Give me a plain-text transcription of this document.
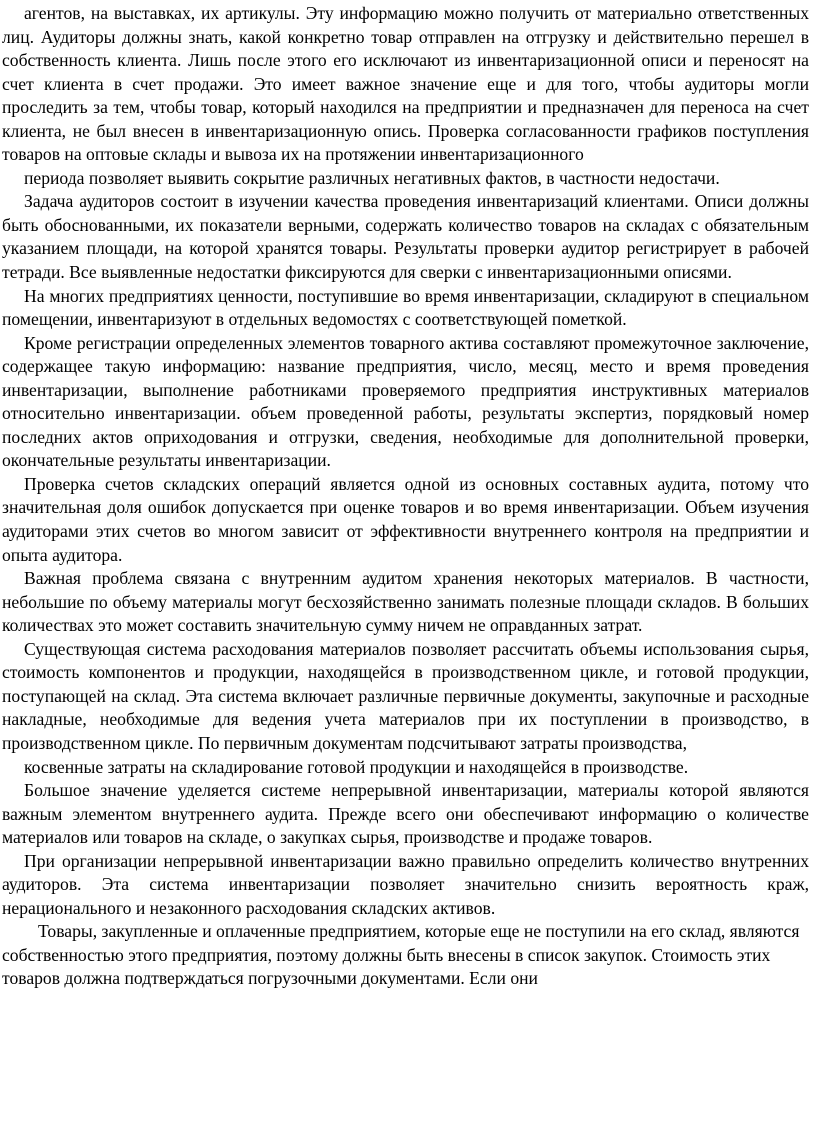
агентов, на выставках, их артикулы. Эту информацию можно получить от материально ответственных лиц. Аудиторы должны знать, какой конкретно товар отправлен на отгрузку и действительно перешел в собственность клиента. Лишь после этого его исключают из инвентаризационной описи и переносят на счет клиента в счет продажи. Это имеет важное значение еще и для того, чтобы аудиторы могли проследить за тем, чтобы товар, который находился на предприятии и предназначен для переноса на счет клиента, не был внесен в инвентаризационную опись. Проверка согласованности графиков поступления товаров на оптовые склады и вывоза их на протяжении инвентаризационного

периода позволяет выявить сокрытие различных негативных фактов, в частности недостачи.

Задача аудиторов состоит в изучении качества проведения инвентаризаций клиентами. Описи должны быть обоснованными, их показатели верными, содержать количество товаров на складах с обязательным указанием площади, на которой хранятся товары. Результаты проверки аудитор регистрирует в рабочей тетради. Все выявленные недостатки фиксируются для сверки с инвентаризационными описями.

На многих предприятиях ценности, поступившие во время инвентаризации, складируют в специальном помещении, инвентаризуют в отдельных ведомостях с соответствующей пометкой.

Кроме регистрации определенных элементов товарного актива составляют промежуточное заключение, содержащее такую информацию: название предприятия, число, месяц, место и время проведения инвентаризации, выполнение работниками проверяемого предприятия инструктивных материалов относительно инвентаризации. объем проведенной работы, результаты экспертиз, порядковый номер последних актов оприходования и отгрузки, сведения, необходимые для дополнительной проверки, окончательные результаты инвентаризации.

Проверка счетов складских операций является одной из основных составных аудита, потому что значительная доля ошибок допускается при оценке товаров и во время инвентаризации. Объем изучения аудиторами этих счетов во многом зависит от эффективности внутреннего контроля на предприятии и опыта аудитора.

Важная проблема связана с внутренним аудитом хранения некоторых материалов. В частности, небольшие по объему материалы могут бесхозяйственно занимать полезные площади складов. В больших количествах это может составить значительную сумму ничем не оправданных затрат.

Существующая система расходования материалов позволяет рассчитать объемы использования сырья, стоимость компонентов и продукции, находящейся в производственном цикле, и готовой продукции, поступающей на склад. Эта система включает различные первичные документы, закупочные и расходные накладные, необходимые для ведения учета материалов при их поступлении в производство, в производственном цикле. По первичным документам подсчитывают затраты производства,

косвенные затраты на складирование готовой продукции и находящейся в производстве.

Большое значение уделяется системе непрерывной инвентаризации, материалы которой являются важным элементом внутреннего аудита. Прежде всего они обеспечивают информацию о количестве материалов или товаров на складе, о закупках сырья, производстве и продаже товаров.

При организации непрерывной инвентаризации важно правильно определить количество внутренних аудиторов. Эта система инвентаризации позволяет значительно снизить вероятность краж, нерационального и незаконного расходования складских активов.

Товары, закупленные и оплаченные предприятием, которые еще не поступили на его склад, являются собственностью этого предприятия, поэтому должны быть внесены в список закупок. Стоимость этих товаров должна подтверждаться погрузочными документами. Если они
